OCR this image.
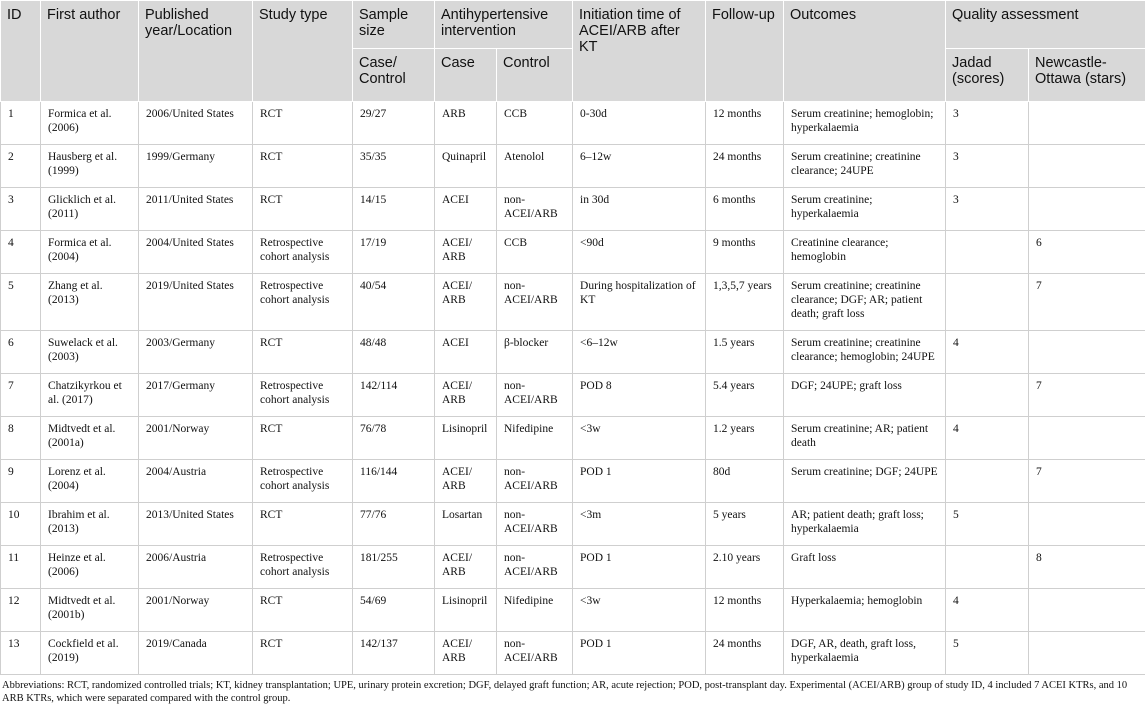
ID	First author	Published year/Location	Study type	Sample size	Antihypertensive intervention		Initiation time of ACEI/ARB after KT	Follow-up	Outcomes	Quality assessment	
				Case/ Control	Case	Control				Jadad (scores)	Newcastle-Ottawa (stars)
1	Formica et al. (2006)	2006/United States	RCT	29/27	ARB	CCB	0-30d	12 months	Serum creatinine; hemoglobin; hyperkalaemia	3	
2	Hausberg et al. (1999)	1999/Germany	RCT	35/35	Quinapril	Atenolol	6–12w	24 months	Serum creatinine; creatinine clearance; 24UPE	3	
3	Glicklich et al. (2011)	2011/United States	RCT	14/15	ACEI	non-ACEI/ARB	in 30d	6 months	Serum creatinine; hyperkalaemia	3	
4	Formica et al. (2004)	2004/United States	Retrospective cohort analysis	17/19	ACEI/ ARB	CCB	<90d	9 months	Creatinine clearance; hemoglobin		6
5	Zhang et al. (2013)	2019/United States	Retrospective cohort analysis	40/54	ACEI/ ARB	non-ACEI/ARB	During hospitalization of KT	1,3,5,7 years	Serum creatinine; creatinine clearance; DGF; AR; patient death; graft loss		7
6	Suwelack et al. (2003)	2003/Germany	RCT	48/48	ACEI	β-blocker	<6–12w	1.5 years	Serum creatinine; creatinine clearance; hemoglobin; 24UPE	4	
7	Chatzikyrkou et al. (2017)	2017/Germany	Retrospective cohort analysis	142/114	ACEI/ ARB	non-ACEI/ARB	POD 8	5.4 years	DGF; 24UPE; graft loss		7
8	Midtvedt et al. (2001a)	2001/Norway	RCT	76/78	Lisinopril	Nifedipine	<3w	1.2 years	Serum creatinine; AR; patient death	4	
9	Lorenz et al. (2004)	2004/Austria	Retrospective cohort analysis	116/144	ACEI/ ARB	non-ACEI/ARB	POD 1	80d	Serum creatinine; DGF; 24UPE		7
10	Ibrahim et al. (2013)	2013/United States	RCT	77/76	Losartan	non-ACEI/ARB	<3m	5 years	AR; patient death; graft loss; hyperkalaemia	5	
11	Heinze et al. (2006)	2006/Austria	Retrospective cohort analysis	181/255	ACEI/ ARB	non-ACEI/ARB	POD 1	2.10 years	Graft loss		8
12	Midtvedt et al. (2001b)	2001/Norway	RCT	54/69	Lisinopril	Nifedipine	<3w	12 months	Hyperkalaemia; hemoglobin	4	
13	Cockfield et al. (2019)	2019/Canada	RCT	142/137	ACEI/ ARB	non-ACEI/ARB	POD 1	24 months	DGF, AR, death, graft loss, hyperkalaemia	5	
Abbreviations: RCT, randomized controlled trials; KT, kidney transplantation; UPE, urinary protein excretion; DGF, delayed graft function; AR, acute rejection; POD, post-transplant day. Experimental (ACEI/ARB) group of study ID, 4 included 7 ACEI KTRs, and 10 ARB KTRs, which were separated compared with the control group.
